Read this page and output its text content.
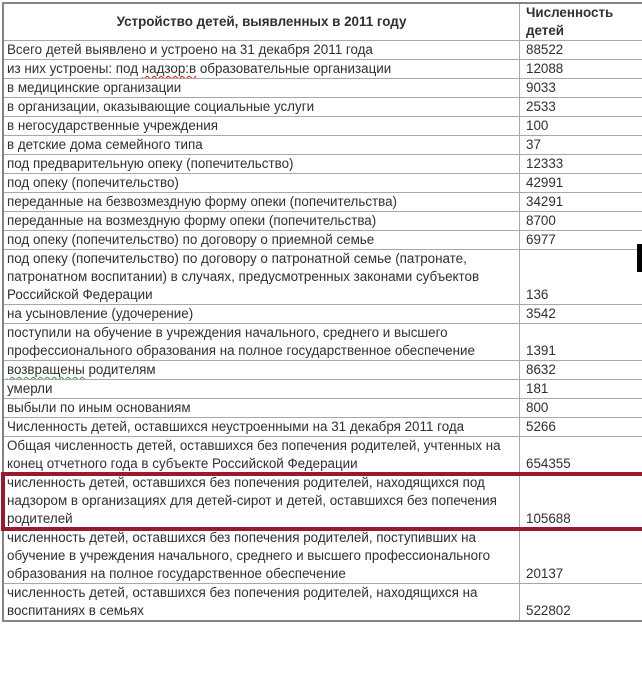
Устройство детей, выявленных в 2011 году	Численность детей
Всего детей выявлено и устроено на 31 декабря 2011 года	88522
из них устроены: под надзор:в образовательные организации	12088
в медицинские организации	9033
в организации, оказывающие социальные услуги	2533
в негосударственные учреждения	100
в детские дома семейного типа	37
под предварительную опеку (попечительство)	12333
под опеку (попечительство)	42991
переданные на безвозмездную форму опеки (попечительства)	34291
переданные на возмездную форму опеки (попечительства)	8700
под опеку (попечительство) по договору о приемной семье	6977
под опеку (попечительство) по договору о патронатной семье (патронате, патронатном воспитании) в случаях, предусмотренных законами субъектов Российской Федерации	136
на усыновление (удочерение)	3542
поступили на обучение в учреждения начального, среднего и высшего профессионального образования на полное государственное обеспечение	1391
возвращены родителям	8632
умерли	181
выбыли по иным основаниям	800
Численность детей, оставшихся неустроенными на 31 декабря 2011 года	5266
Общая численность детей, оставшихся без попечения родителей, учтенных на конец отчетного года в субъекте Российской Федерации	654355
численность детей, оставшихся без попечения родителей, находящихся под надзором в организациях для детей-сирот и детей, оставшихся без попечения родителей	105688
численность детей, оставшихся без попечения родителей, поступивших на обучение в учреждения начального, среднего и высшего профессионального образования на полное государственное обеспечение	20137
численность детей, оставшихся без попечения родителей, находящихся на воспитаниях в семьях	522802
